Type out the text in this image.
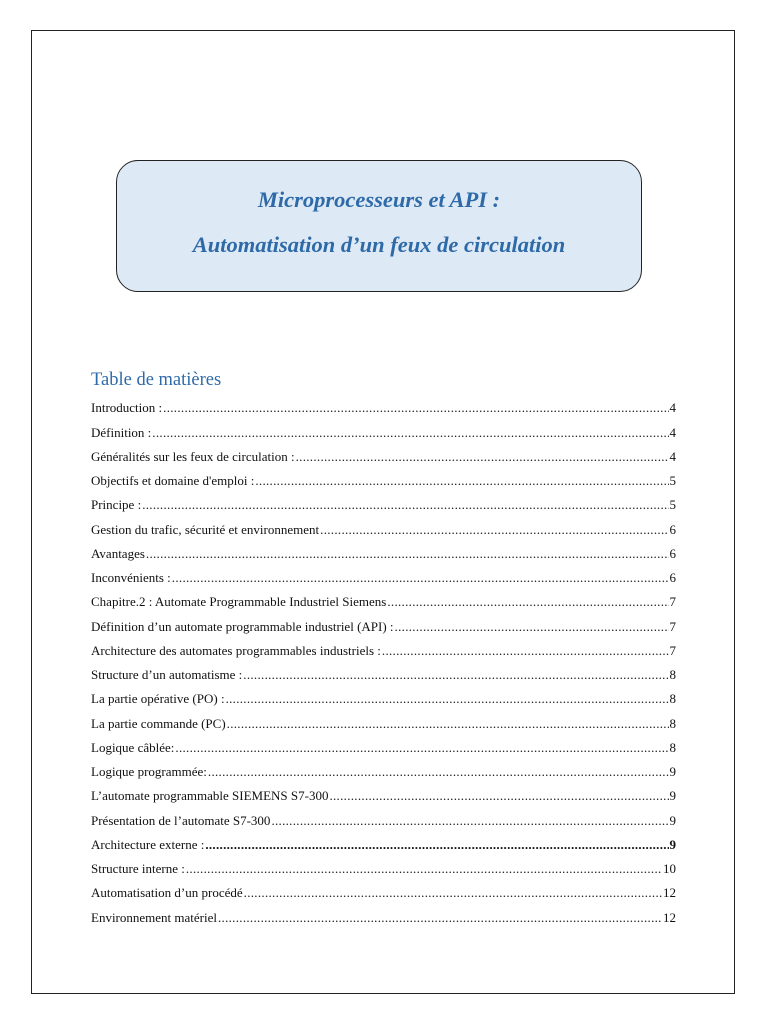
Microprocesseurs et API :
Automatisation d’un feux de circulation
Table de matières
Introduction : .....	4
Définition : .....	4
Généralités sur les feux de circulation : .....	4
Objectifs et domaine d'emploi : .....	5
Principe : .....	5
Gestion du trafic, sécurité et environnement .....	6
Avantages .....	6
Inconvénients : .....	6
Chapitre.2 : Automate Programmable Industriel Siemens .....	7
Définition d’un automate programmable industriel (API) : .....	7
Architecture des automates programmables industriels : .....	7
Structure d’un automatisme : .....	8
La partie opérative (PO) : .....	8
La partie commande (PC) .....	8
Logique câblée: .....	8
Logique programmée: .....	9
L’automate programmable SIEMENS S7-300 .....	9
Présentation de l’automate S7-300 .....	9
Architecture externe : .....	9
Structure interne : .....	10
Automatisation d’un procédé .....	12
Environnement matériel .....	12
